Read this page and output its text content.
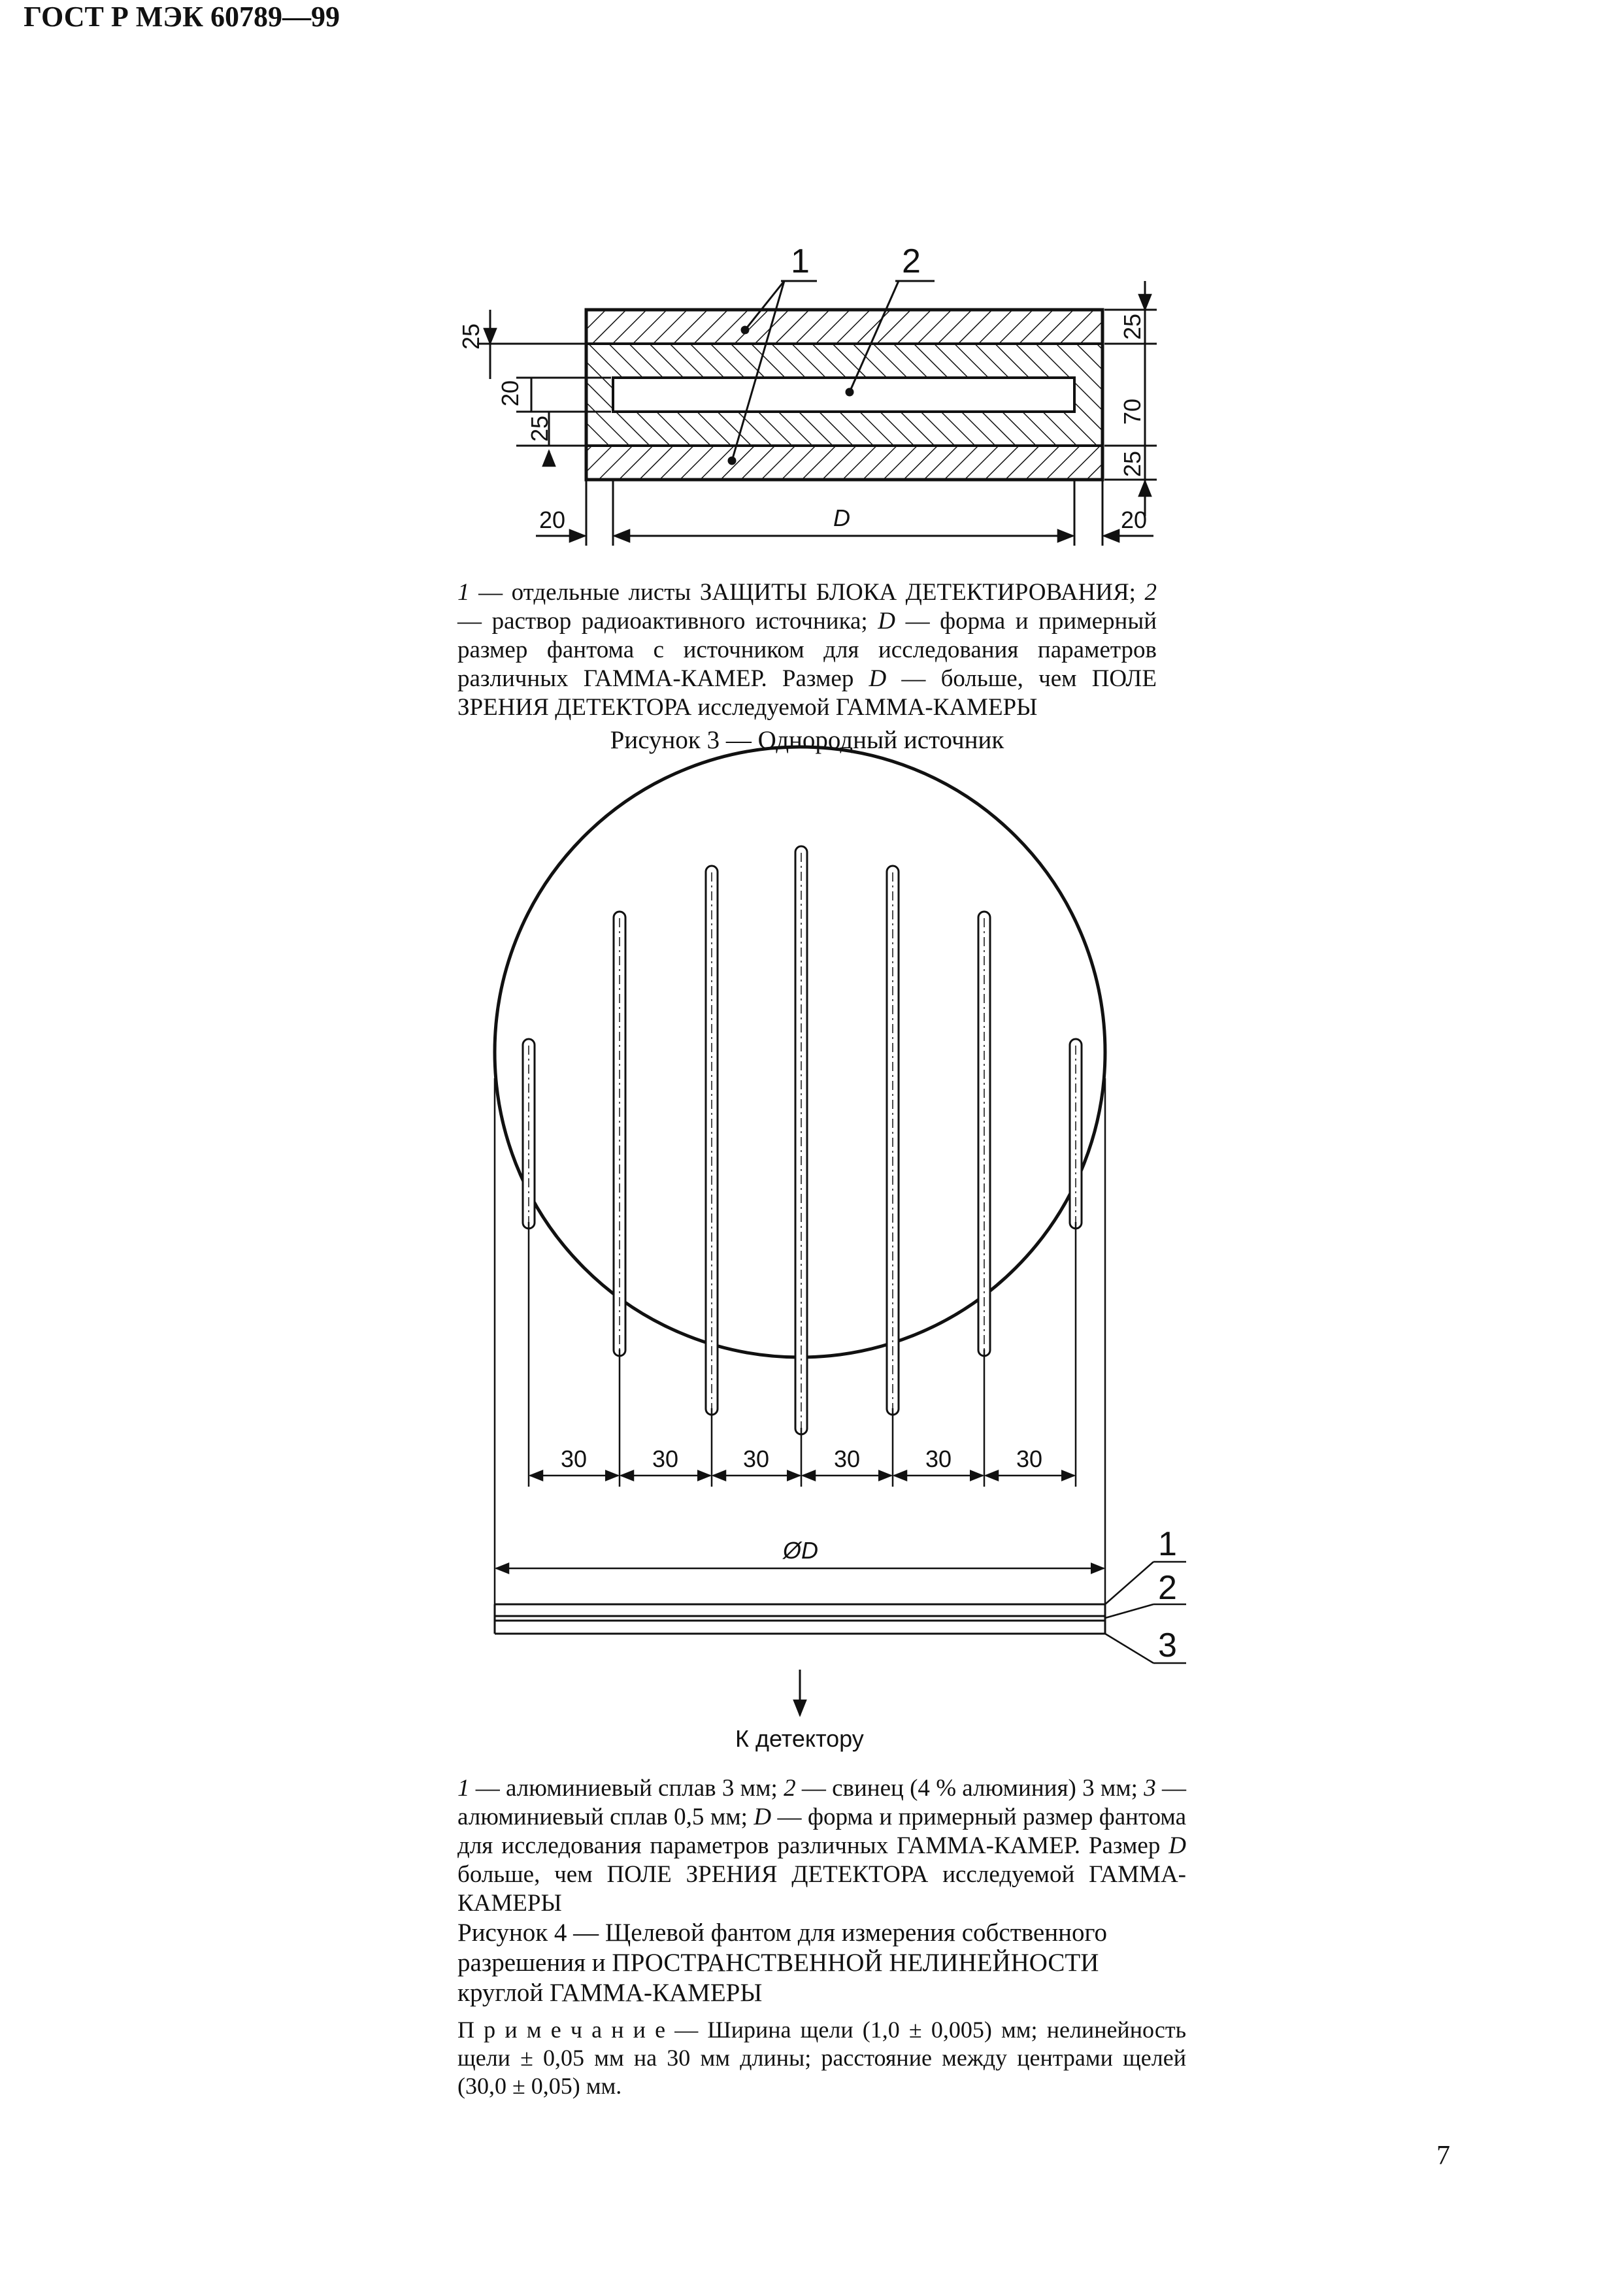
ГОСТ Р МЭК 60789—99
1	2
25
20
25
25
70
25
20	D	20

1 — отдельные листы ЗАЩИТЫ БЛОКА ДЕТЕКТИРОВАНИЯ; 2 — раствор радиоактивного источника; D — форма и примерный размер фантома с источником для исследования параметров различных ГАММА-КАМЕР. Размер D — больше, чем ПОЛЕ ЗРЕНИЯ ДЕТЕКТОРА исследуемой ГАММА-КАМЕРЫ

Рисунок 3 — Однородный источник
30	30	30	30	30	30
ØD	1
2
3
К детектору

1 — алюминиевый сплав 3 мм; 2 — свинец (4 % алюминия) 3 мм; 3 — алюминиевый сплав 0,5 мм; D — форма и примерный размер фантома для исследования параметров различных ГАММА-КАМЕР. Размер D больше, чем ПОЛЕ ЗРЕНИЯ ДЕТЕКТОРА исследуемой ГАММА-КАМЕРЫ

Рисунок 4 — Щелевой фантом для измерения собственного разрешения и ПРОСТРАНСТВЕННОЙ НЕЛИНЕЙНОСТИ круглой ГАММА-КАМЕРЫ
П р и м е ч а н и е — Ширина щели (1,0 ± 0,005) мм; нелинейность щели ± 0,05 мм на 30 мм длины; расстояние между центрами щелей (30,0 ± 0,05) мм.
7
